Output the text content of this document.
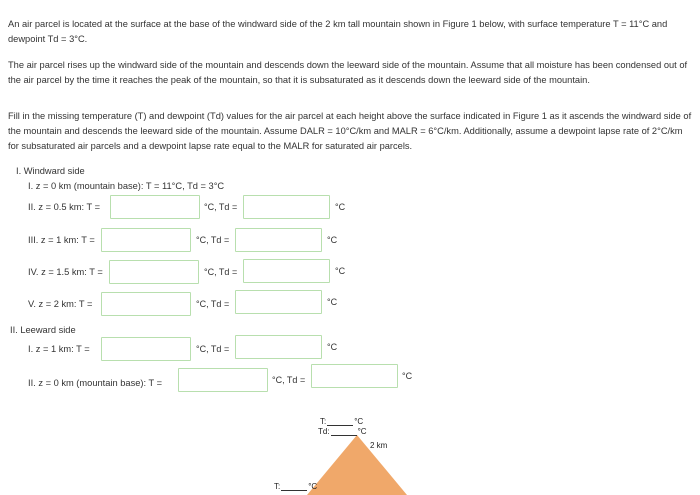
An air parcel is located at the surface at the base of the windward side of the 2 km tall mountain shown in Figure 1 below, with surface temperature T = 11°C and dewpoint Td = 3°C.
The air parcel rises up the windward side of the mountain and descends down the leeward side of the mountain. Assume that all moisture has been condensed out of the air parcel by the time it reaches the peak of the mountain, so that it is subsaturated as it descends down the leeward side of the mountain.
Fill in the missing temperature (T) and dewpoint (Td) values for the air parcel at each height above the surface indicated in Figure 1 as it ascends the windward side of the mountain and descends the leeward side of the mountain. Assume DALR = 10°C/km and MALR = 6°C/km. Additionally, assume a dewpoint lapse rate of 2°C/km for subsaturated air parcels and a dewpoint lapse rate equal to the MALR for saturated air parcels.
I. Windward side
I. z = 0 km (mountain base): T = 11°C, Td = 3°C
II. z = 0.5 km: T =	°C, Td =	°C
III. z = 1 km: T =	°C, Td =	°C
IV. z = 1.5 km: T =	°C, Td =	°C
V. z = 2 km: T =	°C, Td =	°C
II. Leeward side
I. z = 1 km: T =	°C, Td =	°C
II. z = 0 km (mountain base): T =	°C, Td =	°C
T:	°C
Td:	°C
2 km
T:	°C
